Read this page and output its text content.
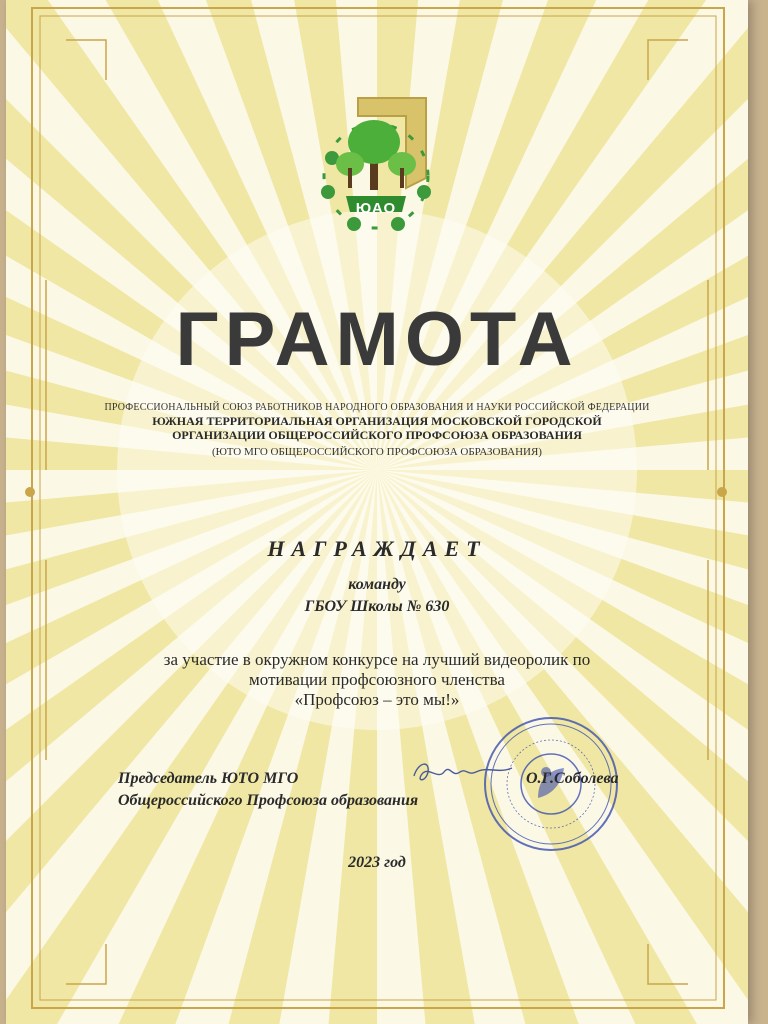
ЮАО
ГРАМОТА
ПРОФЕССИОНАЛЬНЫЙ СОЮЗ РАБОТНИКОВ НАРОДНОГО ОБРАЗОВАНИЯ И НАУКИ РОССИЙСКОЙ ФЕДЕРАЦИИ
ЮЖНАЯ ТЕРРИТОРИАЛЬНАЯ ОРГАНИЗАЦИЯ МОСКОВСКОЙ ГОРОДСКОЙ
ОРГАНИЗАЦИИ ОБЩЕРОССИЙСКОГО ПРОФСОЮЗА ОБРАЗОВАНИЯ
(ЮТО МГО ОБЩЕРОССИЙСКОГО ПРОФСОЮЗА ОБРАЗОВАНИЯ)
НАГРАЖДАЕТ
команду
ГБОУ Школы № 630
за участие в окружном конкурсе на лучший видеоролик по
мотивации профсоюзного членства
«Профсоюз – это мы!»
Председатель ЮТО МГО
Общероссийского Профсоюза образования
О.Г.Соболева
2023 год
